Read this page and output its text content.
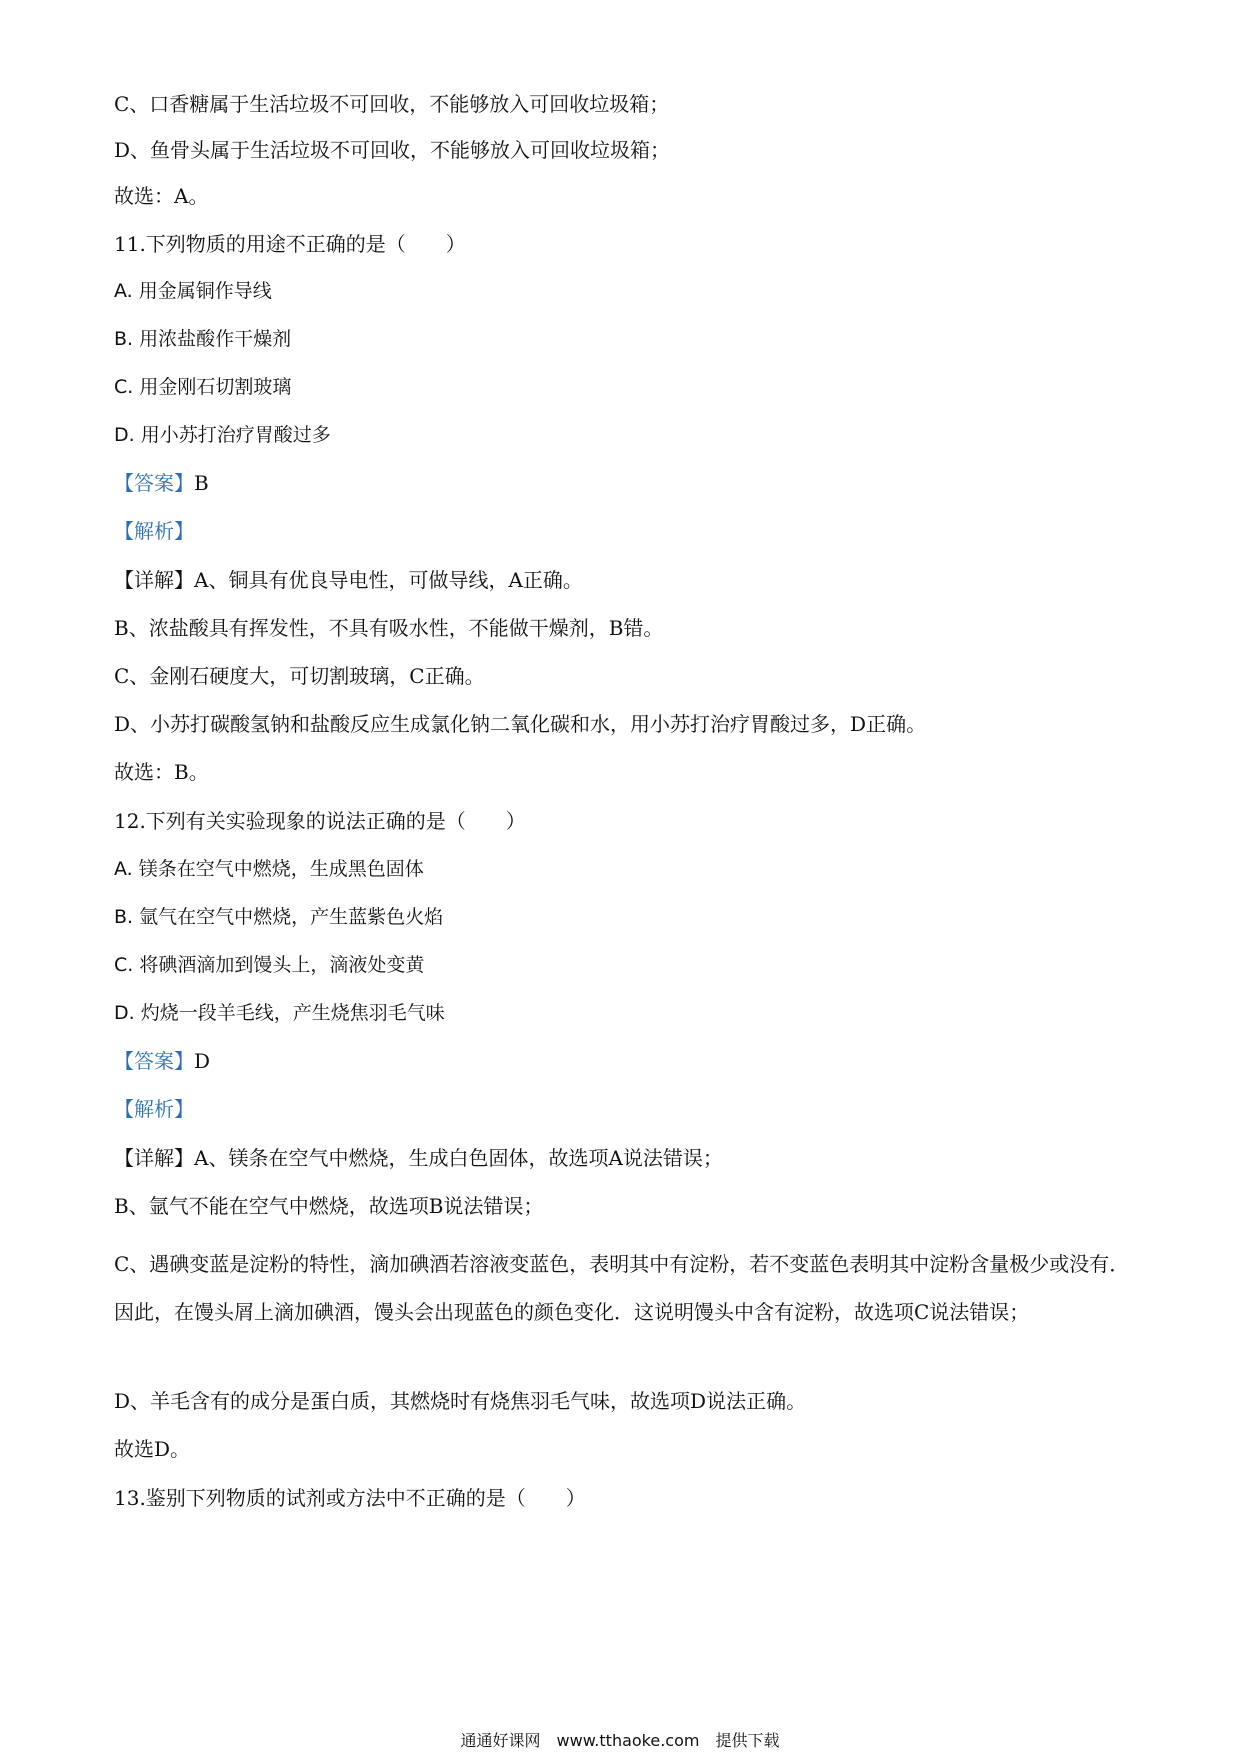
C、口香糖属于生活垃圾不可回收，不能够放入可回收垃圾箱；
D、鱼骨头属于生活垃圾不可回收，不能够放入可回收垃圾箱；
故选：A。
11.下列物质的用途不正确的是（　　）
A. 用金属铜作导线
B. 用浓盐酸作干燥剂
C. 用金刚石切割玻璃
D. 用小苏打治疗胃酸过多
【答案】B
【解析】
【详解】A、铜具有优良导电性，可做导线，A正确。
B、浓盐酸具有挥发性，不具有吸水性，不能做干燥剂，B错。
C、金刚石硬度大，可切割玻璃，C正确。
D、小苏打碳酸氢钠和盐酸反应生成氯化钠二氧化碳和水，用小苏打治疗胃酸过多，D正确。
故选：B。
12.下列有关实验现象的说法正确的是（　　）
A. 镁条在空气中燃烧，生成黑色固体
B. 氩气在空气中燃烧，产生蓝紫色火焰
C. 将碘酒滴加到馒头上，滴液处变黄
D. 灼烧一段羊毛线，产生烧焦羽毛气味
【答案】D
【解析】
【详解】A、镁条在空气中燃烧，生成白色固体，故选项A说法错误；
B、氩气不能在空气中燃烧，故选项B说法错误；
C、遇碘变蓝是淀粉的特性，滴加碘酒若溶液变蓝色，表明其中有淀粉，若不变蓝色表明其中淀粉含量极少或没有．因此，在馒头屑上滴加碘酒，馒头会出现蓝色的颜色变化．这说明馒头中含有淀粉，故选项C说法错误；
D、羊毛含有的成分是蛋白质，其燃烧时有烧焦羽毛气味，故选项D说法正确。
故选D。
13.鉴别下列物质的试剂或方法中不正确的是（　　）
通通好课网　www.tthaoke.com　提供下载
